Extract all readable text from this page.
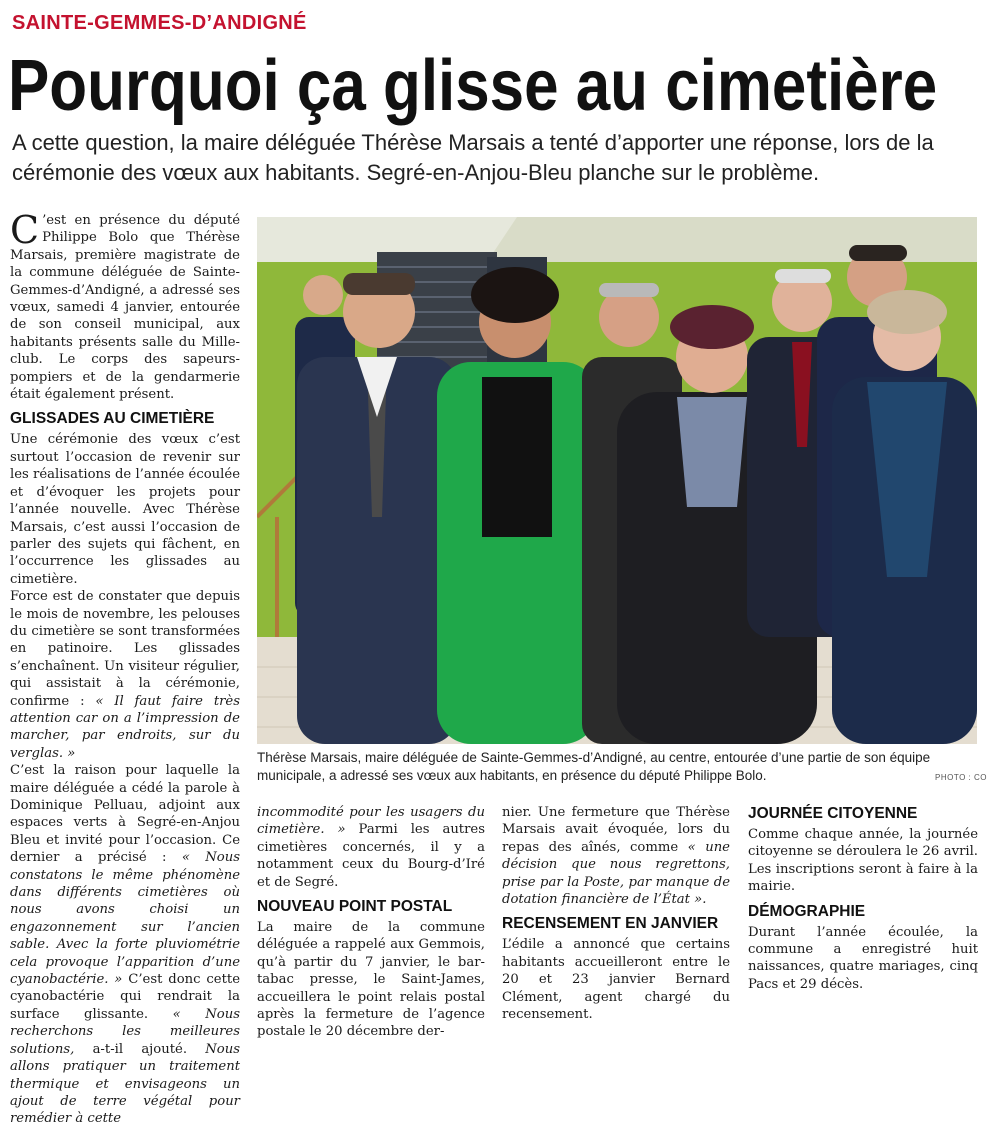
SAINTE-GEMMES-D’ANDIGNÉ
Pourquoi ça glisse au cimetière
A cette question, la maire déléguée Thérèse Marsais a tenté d’apporter une réponse, lors de la cérémonie des vœux aux habitants. Segré-en-Anjou-Bleu planche sur le problème.

C ’est en présence du député Philippe Bolo que Thérèse Marsais, première magistrate de la commune déléguée de Sainte-Gemmes-d’Andigné, a adressé ses vœux, samedi 4 janvier, entourée de son conseil municipal, aux habitants présents salle du Mille-club. Le corps des sapeurs-pompiers et de la gendarmerie était également présent.

GLISSADES AU CIMETIÈRE

Une cérémonie des vœux c’est surtout l’occasion de revenir sur les réalisations de l’année écoulée et d’évoquer les projets pour l’année nouvelle. Avec Thérèse Marsais, c’est aussi l’occasion de parler des sujets qui fâchent, en l’occurrence les glissades au cimetière.

Force est de constater que depuis le mois de novembre, les pelouses du cimetière se sont transformées en patinoire. Les glissades s’enchaînent. Un visiteur régulier, qui assistait à la cérémonie, confirme : « Il faut faire très attention car on a l’impression de marcher, par endroits, sur du verglas. »

C’est la raison pour laquelle la maire déléguée a cédé la parole à Dominique Pelluau, adjoint aux espaces verts à Segré-en-Anjou Bleu et invité pour l’occasion. Ce dernier a précisé : « Nous constatons le même phénomène dans différents cimetières où nous avons choisi un engazonnement sur l’ancien sable. Avec la forte pluviométrie cela provoque l’apparition d’une cyanobactérie. » C’est donc cette cyanobactérie qui rendrait la surface glissante. « Nous recherchons les meilleures solutions, a-t-il ajouté. Nous allons pratiquer un traitement thermique et envisageons un ajout de terre végétal pour remédier à cette

Thérèse Marsais, maire déléguée de Sainte-Gemmes-d’Andigné, au centre, entourée d’une partie de son équipe municipale, a adressé ses vœux aux habitants, en présence du député Philippe Bolo.	PHOTO : CO

incommodité pour les usagers du cimetière. » Parmi les autres cimetières concernés, il y a notamment ceux du Bourg-d’Iré et de Segré.

NOUVEAU POINT POSTAL

La maire de la commune déléguée a rappelé aux Gemmois, qu’à partir du 7 janvier, le bar-tabac presse, le Saint-James, accueillera le point relais postal après la fermeture de l’agence postale le 20 décembre der-

nier. Une fermeture que Thérèse Marsais avait évoquée, lors du repas des aînés, comme « une décision que nous regrettons, prise par la Poste, par manque de dotation financière de l’État ».

RECENSEMENT EN JANVIER

L’édile a annoncé que certains habitants accueilleront entre le 20 et 23 janvier Bernard Clément, agent chargé du recensement.

JOURNÉE CITOYENNE

Comme chaque année, la journée citoyenne se déroulera le 26 avril. Les inscriptions seront à faire à la mairie.

DÉMOGRAPHIE

Durant l’année écoulée, la commune a enregistré huit naissances, quatre mariages, cinq Pacs et 29 décès.
